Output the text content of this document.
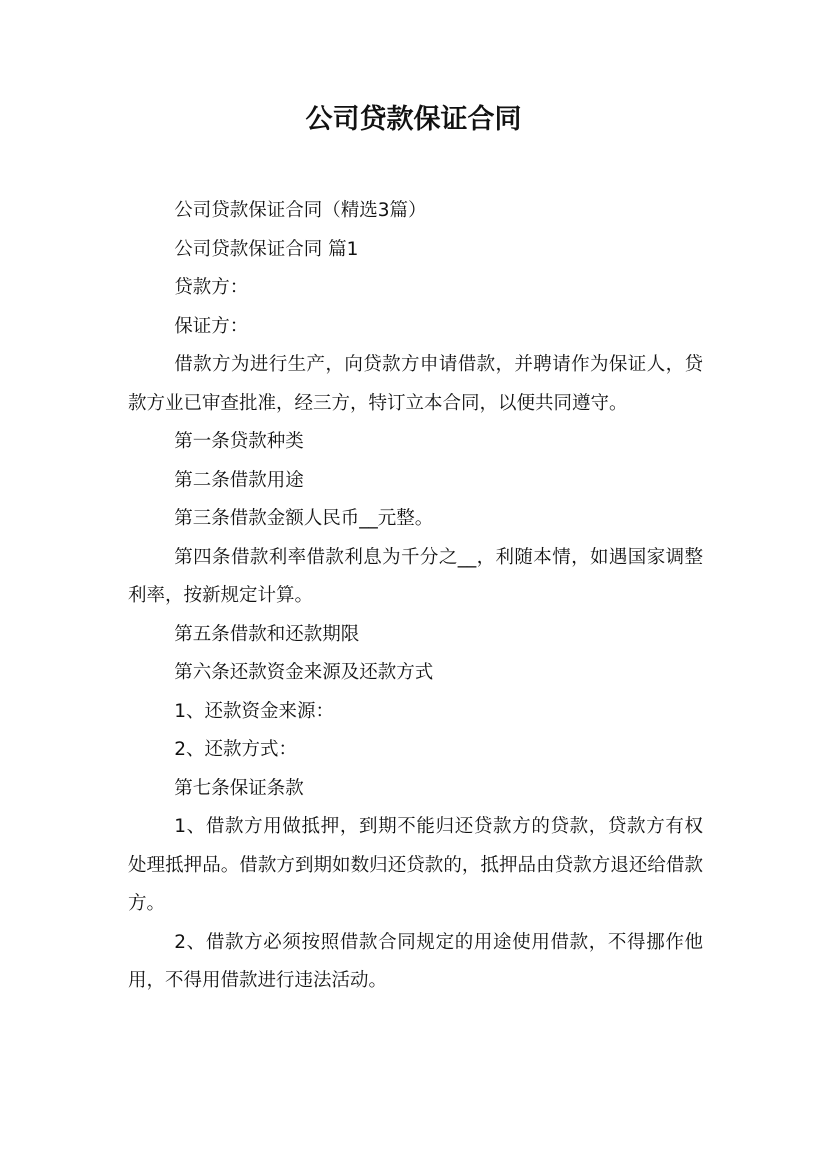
公司贷款保证合同

公司贷款保证合同（精选3篇）

公司贷款保证合同 篇1

贷款方：

保证方：

借款方为进行生产，向贷款方申请借款，并聘请作为保证人，贷款方业已审查批准，经三方，特订立本合同，以便共同遵守。

第一条贷款种类

第二条借款用途

第三条借款金额人民币__元整。

第四条借款利率借款利息为千分之__，利随本情，如遇国家调整利率，按新规定计算。

第五条借款和还款期限

第六条还款资金来源及还款方式

1、还款资金来源：

2、还款方式：

第七条保证条款

1、借款方用做抵押，到期不能归还贷款方的贷款，贷款方有权处理抵押品。借款方到期如数归还贷款的，抵押品由贷款方退还给借款方。

2、借款方必须按照借款合同规定的用途使用借款，不得挪作他用，不得用借款进行违法活动。
